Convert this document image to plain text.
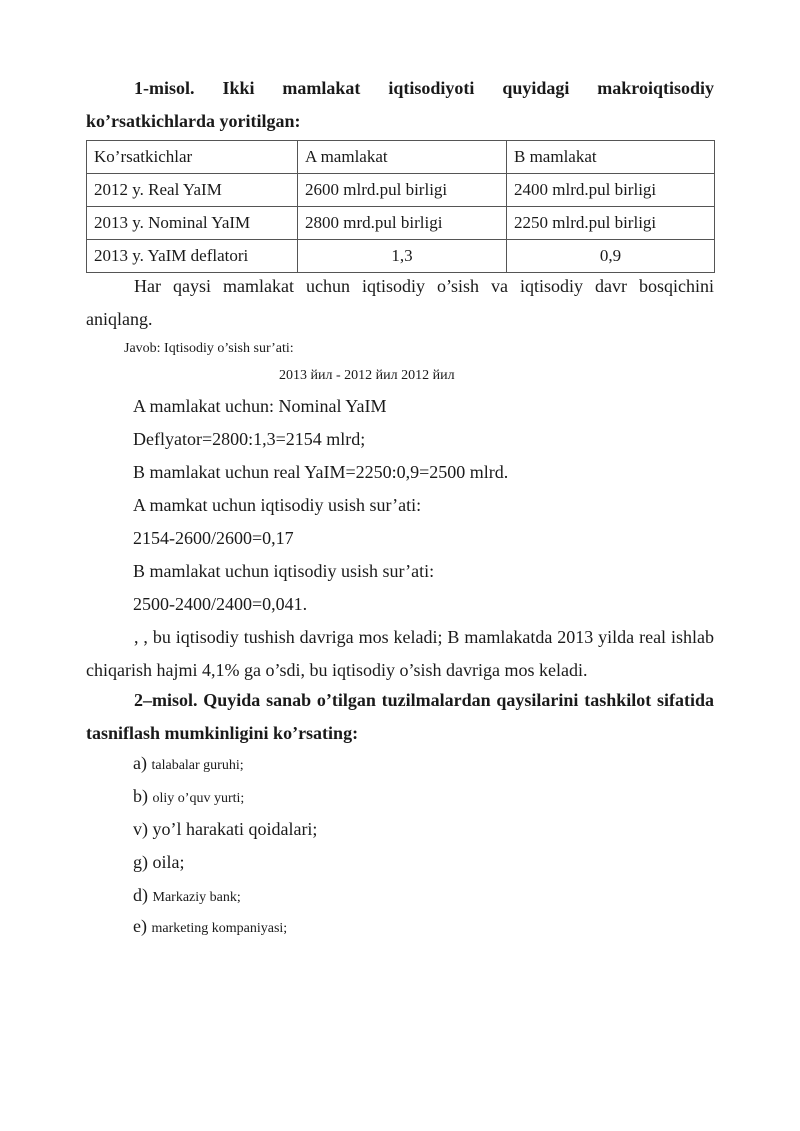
1-misol. Ikki mamlakat iqtisodiyoti quyidagi makroiqtisodiy ko’rsatkichlarda yoritilgan:
Ko’rsatkichlar	A mamlakat	B mamlakat
2012 y. Real YaIM	2600 mlrd.pul birligi	2400 mlrd.pul birligi
2013 y. Nominal YaIM	2800 mrd.pul birligi	2250 mlrd.pul birligi
2013 y. YaIM deflatori	1,3	0,9
Har qaysi mamlakat uchun iqtisodiy o’sish va iqtisodiy davr bosqichini aniqlang.
Javob: Iqtisodiy o’sish sur’ati:
2013 йил - 2012 йил 2012 йил
A mamlakat uchun: Nominal YaIM
Deflyator=2800:1,3=2154 mlrd;
B mamlakat uchun real YaIM=2250:0,9=2500 mlrd.
A mamkat uchun iqtisodiy usish sur’ati:
2154-2600/2600=0,17
B mamlakat uchun iqtisodiy usish sur’ati:
2500-2400/2400=0,041.
, , bu iqtisodiy tushish davriga mos keladi; B mamlakatda 2013 yilda real ishlab chiqarish hajmi 4,1% ga o’sdi, bu iqtisodiy o’sish davriga mos keladi.
2–misol. Quyida sanab o’tilgan tuzilmalardan qaysilarini tashkilot sifatida tasniflash mumkinligini ko’rsating:
a) talabalar guruhi;
b) oliy o’quv yurti;
v) yo’l harakati qoidalari;
g) oila;
d) Markaziy bank;
e) marketing kompaniyasi;
